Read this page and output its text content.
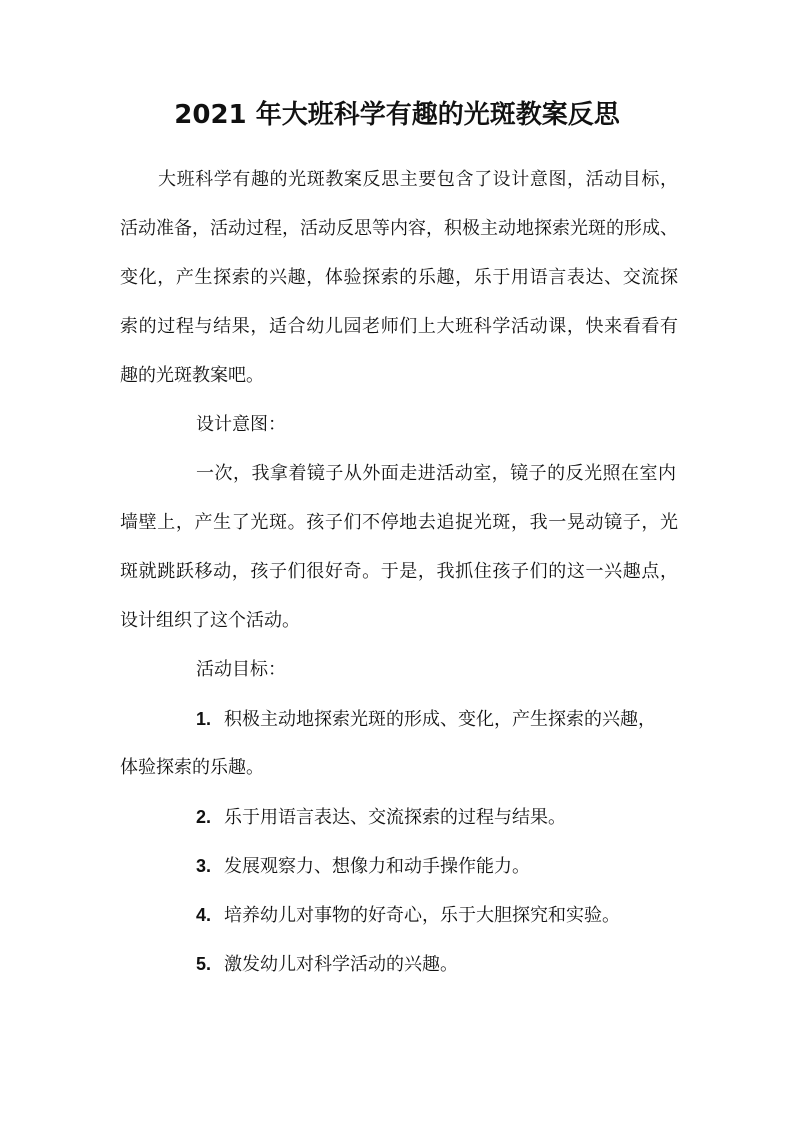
2021 年大班科学有趣的光斑教案反思
大班科学有趣的光斑教案反思主要包含了设计意图，活动目标，
活动准备，活动过程，活动反思等内容，积极主动地探索光斑的形成、
变化，产生探索的兴趣，体验探索的乐趣，乐于用语言表达、交流探
索的过程与结果，适合幼儿园老师们上大班科学活动课，快来看看有
趣的光斑教案吧。
设计意图：
一次，我拿着镜子从外面走进活动室，镜子的反光照在室内
墙壁上，产生了光斑。孩子们不停地去追捉光斑，我一晃动镜子，光
斑就跳跃移动，孩子们很好奇。于是，我抓住孩子们的这一兴趣点，
设计组织了这个活动。
活动目标：
1. 积极主动地探索光斑的形成、变化，产生探索的兴趣，
体验探索的乐趣。
2. 乐于用语言表达、交流探索的过程与结果。
3. 发展观察力、想像力和动手操作能力。
4. 培养幼儿对事物的好奇心，乐于大胆探究和实验。
5. 激发幼儿对科学活动的兴趣。
